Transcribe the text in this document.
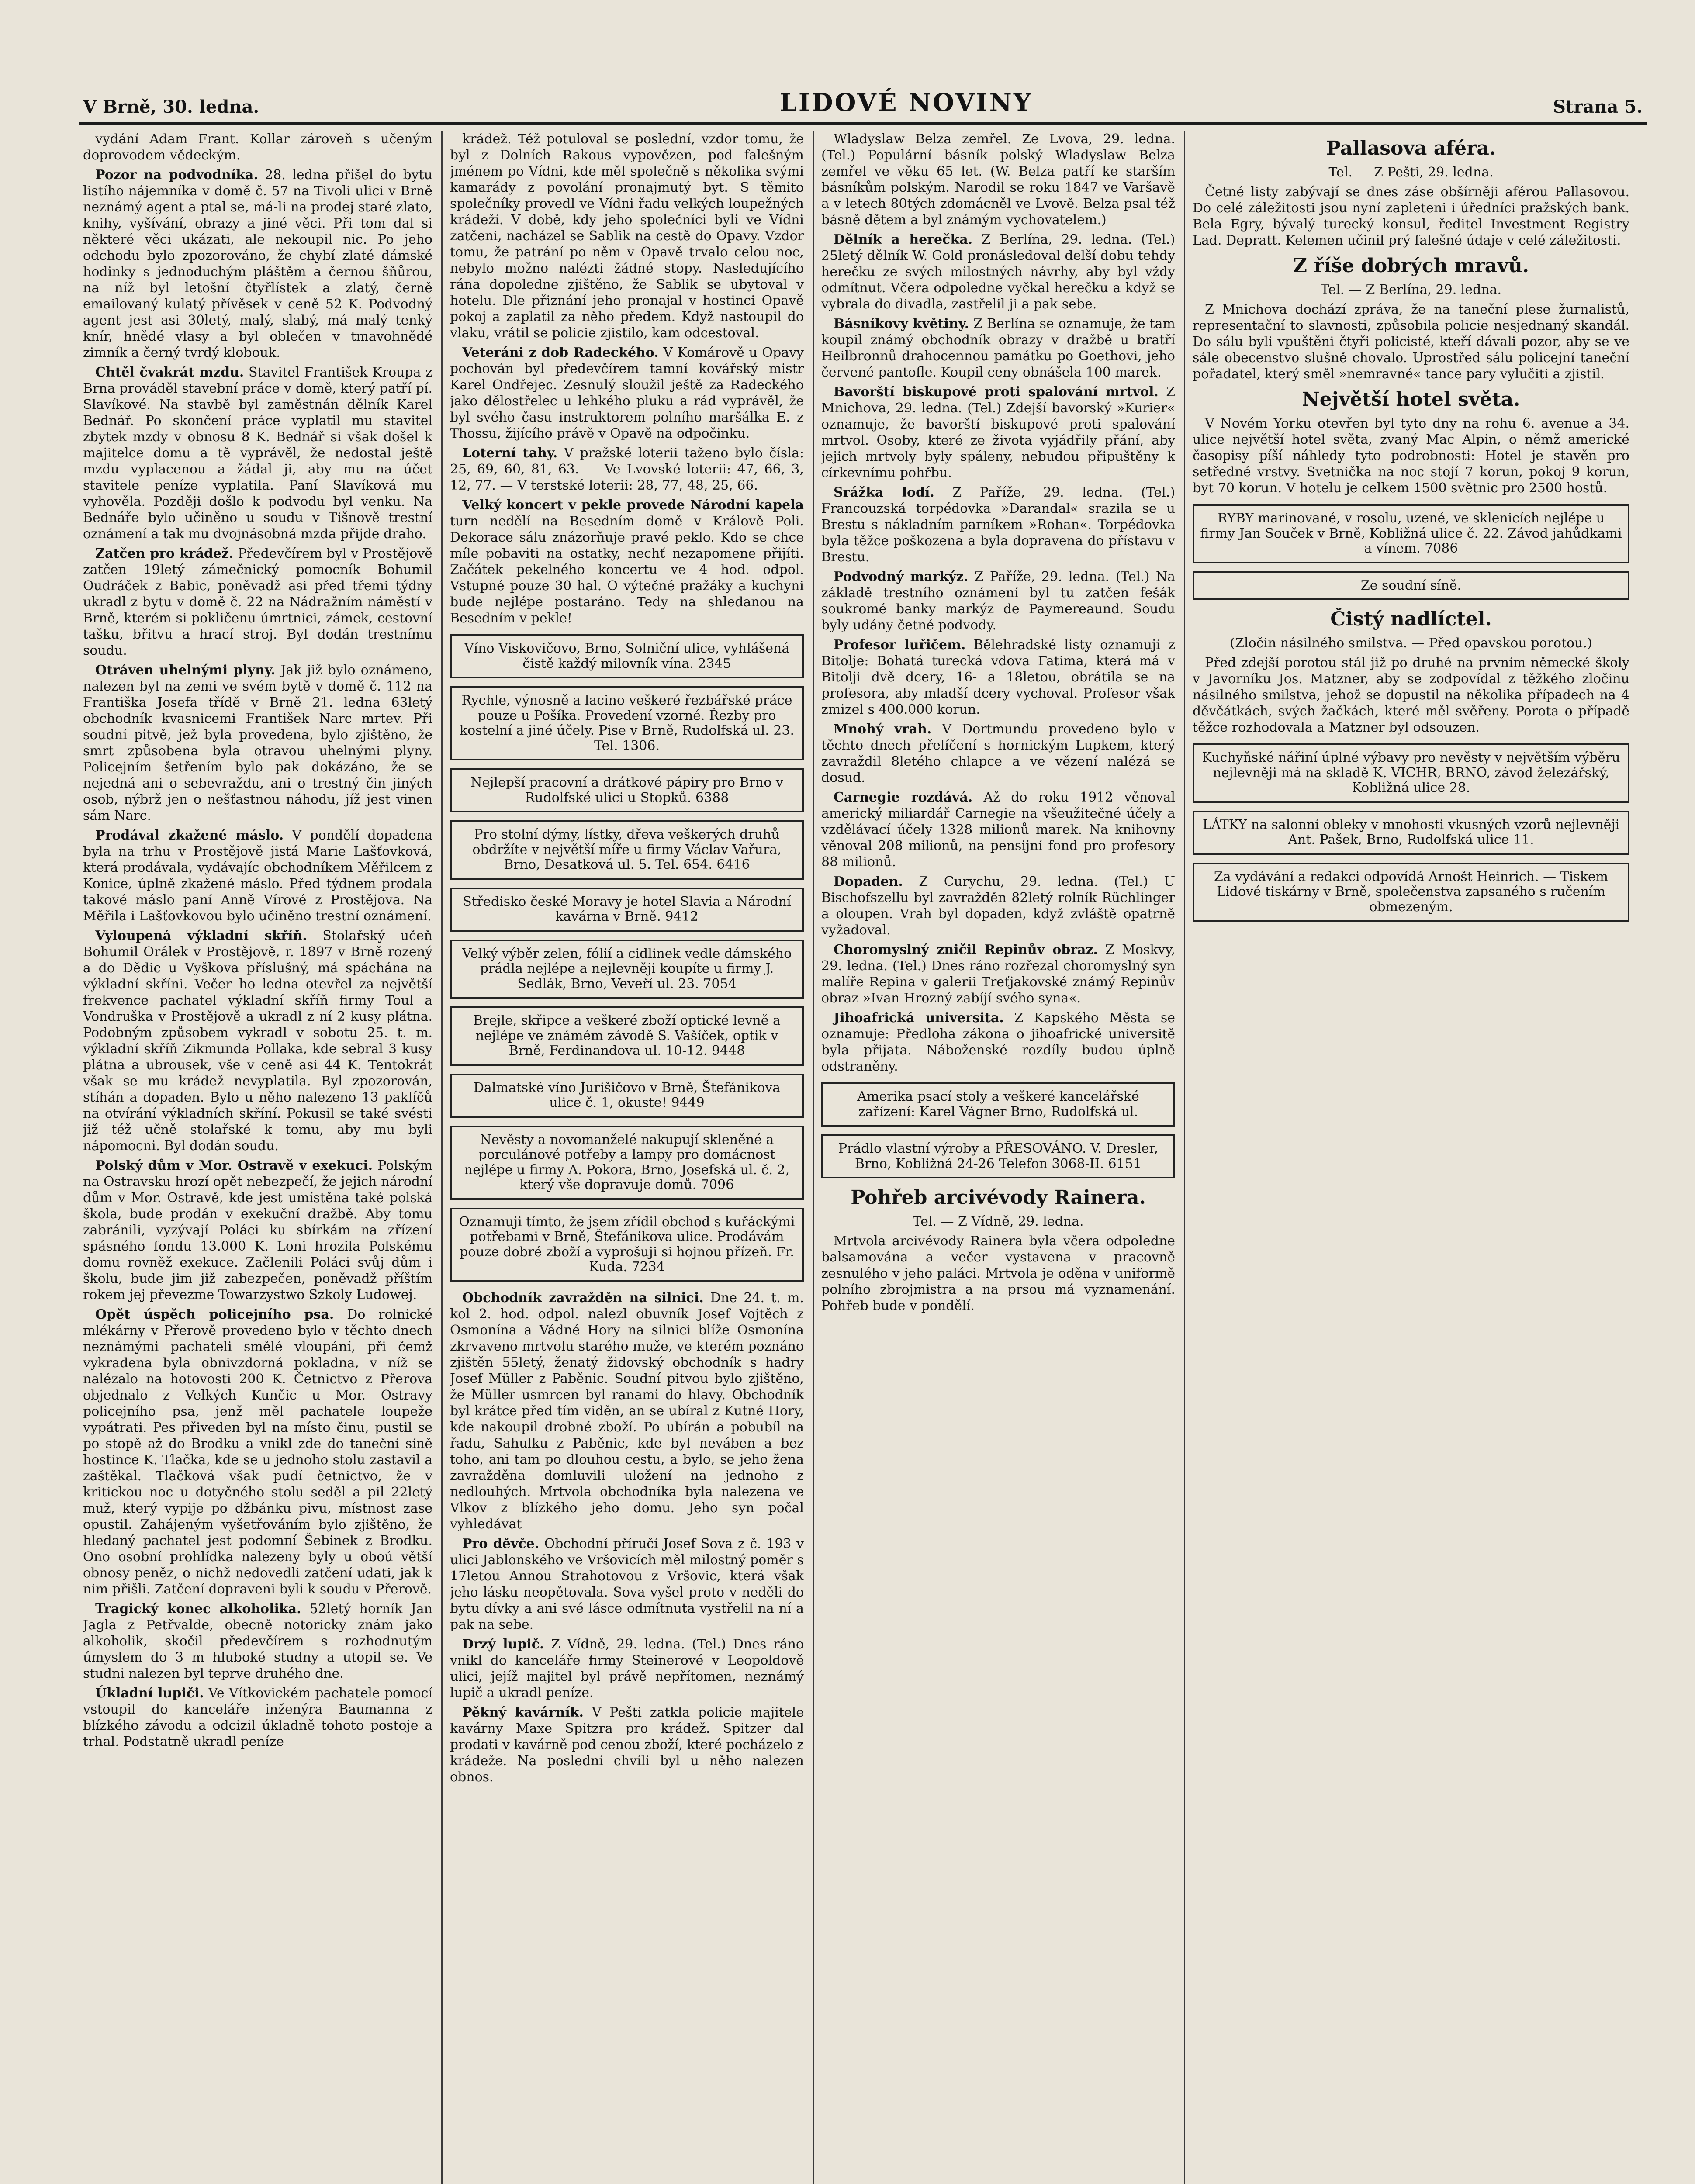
V Brně, 30. ledna.	LIDOVÉ NOVINY	Strana 5.

vydání Adam Frant. Kollar zároveň s učeným doprovodem vědeckým.

Pozor na podvodníka. 28. ledna přišel do bytu listího nájemníka v domě č. 57 na Tivoli ulici v Brně neznámý agent a ptal se, má-li na prodej staré zlato, knihy, vyšívání, obrazy a jiné věci. Při tom dal si některé věci ukázati, ale nekoupil nic. Po jeho odchodu bylo zpozorováno, že chybí zlaté dámské hodinky s jednoduchým pláštěm a černou šňůrou, na níž byl letošní čtyřlístek a zlatý, černě emailovaný kulatý přívěsek v ceně 52 K. Podvodný agent jest asi 30letý, malý, slabý, má malý tenký knír, hnědé vlasy a byl oblečen v tmavohnědé zimník a černý tvrdý klobouk.

Chtěl čvakrát mzdu. Stavitel František Kroupa z Brna prováděl stavební práce v domě, který patří pí. Slavíkové. Na stavbě byl zaměstnán dělník Karel Bednář. Po skončení práce vyplatil mu stavitel zbytek mzdy v obnosu 8 K. Bednář si však došel k majitelce domu a tě vyprávěl, že nedostal ještě mzdu vyplacenou a žádal ji, aby mu na účet stavitele peníze vyplatila. Paní Slavíková mu vyhověla. Později došlo k podvodu byl venku. Na Bednáře bylo učiněno u soudu v Tišnově trestní oznámení a tak mu dvojnásobná mzda přijde draho.

Zatčen pro krádež. Předevčírem byl v Prostějově zatčen 19letý zámečnický pomocník Bohumil Oudráček z Babic, poněvadž asi před třemi týdny ukradl z bytu v domě č. 22 na Nádražním náměstí v Brně, kterém si pokličenu úmrtnici, zámek, cestovní tašku, břitvu a hrací stroj. Byl dodán trestnímu soudu.

Otráven uhelnými plyny. Jak již bylo oznámeno, nalezen byl na zemi ve svém bytě v domě č. 112 na Františka Josefa třídě v Brně 21. ledna 63letý obchodník kvasnicemi František Narc mrtev. Při soudní pitvě, jež byla provedena, bylo zjištěno, že smrt způsobena byla otravou uhelnými plyny. Policejním šetřením bylo pak dokázáno, že se nejedná ani o sebevraždu, ani o trestný čin jiných osob, nýbrž jen o nešťastnou náhodu, jíž jest vinen sám Narc.

Prodával zkažené máslo. V pondělí dopadena byla na trhu v Prostějově jistá Marie Lašťovková, která prodávala, vydávajíc obchodníkem Měřilcem z Konice, úplně zkažené máslo. Před týdnem prodala takové máslo paní Anně Vírové z Prostějova. Na Měřila i Lašťovkovou bylo učiněno trestní oznámení.

Vyloupená výkladní skříň. Stolařský učeň Bohumil Orálek v Prostějově, r. 1897 v Brně rozený a do Dědic u Vyškova příslušný, má spáchána na výkladní skříni. Večer ho ledna otevřel za největší frekvence pachatel výkladní skříň firmy Toul a Vondruška v Prostějově a ukradl z ní 2 kusy plátna. Podobným způsobem vykradl v sobotu 25. t. m. výkladní skříň Zikmunda Pollaka, kde sebral 3 kusy plátna a ubrousek, vše v ceně asi 44 K. Tentokrát však se mu krádež nevyplatila. Byl zpozorován, stíhán a dopaden. Bylo u něho nalezeno 13 paklíčů na otvírání výkladních skříní. Pokusil se také svésti již též učně stolařské k tomu, aby mu byli nápomocni. Byl dodán soudu.

Polský dům v Mor. Ostravě v exekuci. Polským na Ostravsku hrozí opět nebezpečí, že jejich národní dům v Mor. Ostravě, kde jest umístěna také polská škola, bude prodán v exekuční dražbě. Aby tomu zabránili, vyzývají Poláci ku sbírkám na zřízení spásného fondu 13.000 K. Loni hrozila Polskému domu rovněž exekuce. Začlenili Poláci svůj dům i školu, bude jim již zabezpečen, poněvadž příštím rokem jej převezme Towarzystwo Szkoly Ludowej.

Opět úspěch policejního psa. Do rolnické mlékárny v Přerově provedeno bylo v těchto dnech neznámými pachateli smělé vloupání, při čemž vykradena byla obnivzdorná pokladna, v níž se nalézalo na hotovosti 200 K. Četnictvo z Přerova objednalo z Velkých Kunčic u Mor. Ostravy policejního psa, jenž měl pachatele loupeže vypátrati. Pes přiveden byl na místo činu, pustil se po stopě až do Brodku a vnikl zde do taneční síně hostince K. Tlačka, kde se u jednoho stolu zastavil a zaštěkal. Tlačková však pudí četnictvo, že v kritickou noc u dotyčného stolu seděl a pil 22letý muž, který vypije po džbánku pivu, místnost zase opustil. Zahájeným vyšetřováním bylo zjištěno, že hledaný pachatel jest podomní Šebinek z Brodku. Ono osobní prohlídka nalezeny byly u oboú větší obnosy peněz, o nichž nedovedli zatčení udati, jak k nim přišli. Zatčení dopraveni byli k soudu v Přerově.

Tragický konec alkoholika. 52letý horník Jan Jagla z Petřvalde, obecně notoricky znám jako alkoholik, skočil předevčírem s rozhodnutým úmyslem do 3 m hluboké studny a utopil se. Ve studni nalezen byl teprve druhého dne.

Úkladní lupiči. Ve Vítkovickém pachatele pomocí vstoupil do kanceláře inženýra Baumanna z blízkého závodu a odcizil úkladně tohoto postoje a trhal. Podstatně ukradl peníze

krádež. Též potuloval se poslední, vzdor tomu, že byl z Dolních Rakous vypovězen, pod falešným jménem po Vídni, kde měl společně s několika svými kamarády z povolání pronajmutý byt. S těmito společníky provedl ve Vídni řadu velkých loupežných krádeží. V době, kdy jeho společníci byli ve Vídni zatčeni, nacházel se Sablik na cestě do Opavy. Vzdor tomu, že patrání po něm v Opavě trvalo celou noc, nebylo možno nalézti žádné stopy. Nasledujícího rána dopoledne zjištěno, že Sablik se ubytoval v hotelu. Dle přiznání jeho pronajal v hostinci Opavě pokoj a zaplatil za něho předem. Když nastoupil do vlaku, vrátil se policie zjistilo, kam odcestoval.

Veteráni z dob Radeckého. V Komárově u Opavy pochován byl předevčírem tamní kovářský mistr Karel Ondřejec. Zesnulý sloužil ještě za Radeckého jako dělostřelec u lehkého pluku a rád vyprávěl, že byl svého času instruktorem polního maršálka E. z Thossu, žijícího právě v Opavě na odpočinku.

Loterní tahy. V pražské loterii taženo bylo čísla: 25, 69, 60, 81, 63. — Ve Lvovské loterii: 47, 66, 3, 12, 77. — V terstské loterii: 28, 77, 48, 25, 66.

Velký koncert v pekle provede Národní kapela turn nedělí na Besedním domě v Králově Poli. Dekorace sálu znázorňuje pravé peklo. Kdo se chce míle pobaviti na ostatky, nechť nezapomene přijíti. Začátek pekelného koncertu ve 4 hod. odpol. Vstupné pouze 30 hal. O výtečné pražáky a kuchyni bude nejlépe postaráno. Tedy na shledanou na Besedním v pekle!

Víno Viskovičovo, Brno, Solniční ulice, vyhlášená čistě každý milovník vína. 2345
Rychle, výnosně a lacino veškeré řezbářské práce pouze u Pošíka. Provedení vzorné. Řezby pro kostelní a jiné účely. Pise v Brně, Rudolfská ul. 23. Tel. 1306.
Nejlepší pracovní a drátkové pápiry pro Brno v Rudolfské ulici u Stopků. 6388
Pro stolní dýmy, lístky, dřeva veškerých druhů obdržíte v největší míře u firmy Václav Vařura, Brno, Desatková ul. 5. Tel. 654. 6416
Středisko české Moravy je hotel Slavia a Národní kavárna v Brně. 9412
Velký výběr zelen, fólií a cidlinek vedle dámského prádla nejlépe a nejlevněji koupíte u firmy J. Sedlák, Brno, Veveří ul. 23. 7054
Brejle, skřipce a veškeré zboží optické levně a nejlépe ve známém závodě S. Vašíček, optik v Brně, Ferdinandova ul. 10-12. 9448
Dalmatské víno Jurišičovo v Brně, Štefánikova ulice č. 1, okuste! 9449
Nevěsty a novomanželé nakupují skleněné a porculánové potřeby a lampy pro domácnost nejlépe u firmy A. Pokora, Brno, Josefská ul. č. 2, který vše dopravuje domů. 7096
Oznamuji tímto, že jsem zřídil obchod s kuřáckými potřebami v Brně, Štefánikova ulice. Prodávám pouze dobré zboží a vyprošuji si hojnou přízeň. Fr. Kuda. 7234

Obchodník zavražděn na silnici. Dne 24. t. m. kol 2. hod. odpol. nalezl obuvník Josef Vojtěch z Osmonína a Vádné Hory na silnici blíže Osmonína zkrvaveno mrtvolu starého muže, ve kterém poznáno zjištěn 55letý, ženatý židovský obchodník s hadry Josef Müller z Paběnic. Soudní pitvou bylo zjištěno, že Müller usmrcen byl ranami do hlavy. Obchodník byl krátce před tím viděn, an se ubíral z Kutné Hory, kde nakoupil drobné zboží. Po ubírán a pobubíl na řadu, Sahulku z Paběnic, kde byl neváben a bez toho, ani tam po dlouhou cestu, a bylo, se jeho žena zavražděna domluvili uložení na jednoho z nedlouhých. Mrtvola obchodníka byla nalezena ve Vlkov z blízkého jeho domu. Jeho syn počal vyhledávat

Pro děvče. Obchodní příručí Josef Sova z č. 193 v ulici Jablonského ve Vršovicích měl milostný poměr s 17letou Annou Strahotovou z Vršovic, která však jeho lásku neopětovala. Sova vyšel proto v neděli do bytu dívky a ani své lásce odmítnuta vystřelil na ní a pak na sebe.

Drzý lupič. Z Vídně, 29. ledna. (Tel.) Dnes ráno vnikl do kanceláře firmy Steinerové v Leopoldově ulici, jejíž majitel byl právě nepřítomen, neznámý lupič a ukradl peníze.

Pěkný kavárník. V Pešti zatkla policie majitele kavárny Maxe Spitzra pro krádež. Spitzer dal prodati v kavárně pod cenou zboží, které pocházelo z krádeže. Na poslední chvíli byl u něho nalezen obnos.

Wladyslaw Belza zemřel. Ze Lvova, 29. ledna. (Tel.) Populární básník polský Wladyslaw Belza zemřel ve věku 65 let. (W. Belza patří ke starším básníkům polským. Narodil se roku 1847 ve Varšavě a v letech 80tých zdomácněl ve Lvově. Belza psal též básně dětem a byl známým vychovatelem.)

Dělník a herečka. Z Berlína, 29. ledna. (Tel.) 25letý dělník W. Gold pronásledoval delší dobu tehdy herečku ze svých milostných návrhy, aby byl vždy odmítnut. Včera odpoledne vyčkal herečku a když se vybrala do divadla, zastřelil ji a pak sebe.

Básníkovy květiny. Z Berlína se oznamuje, že tam koupil známý obchodník obrazy v dražbě u bratří Heilbronnů drahocennou památku po Goethovi, jeho červené pantofle. Koupil ceny obnášela 100 marek.

Bavorští biskupové proti spalování mrtvol. Z Mnichova, 29. ledna. (Tel.) Zdejší bavorský »Kurier« oznamuje, že bavorští biskupové proti spalování mrtvol. Osoby, které ze života vyjádřily přání, aby jejich mrtvoly byly spáleny, nebudou připuštěny k církevnímu pohřbu.

Srážka lodí. Z Paříže, 29. ledna. (Tel.) Francouzská torpédovka »Darandal« srazila se u Brestu s nákladním parníkem »Rohan«. Torpédovka byla těžce poškozena a byla dopravena do přístavu v Brestu.

Podvodný markýz. Z Paříže, 29. ledna. (Tel.) Na základě trestního oznámení byl tu zatčen fešák soukromé banky markýz de Paymereaund. Soudu byly udány četné podvody.

Profesor luřičem. Bělehradské listy oznamují z Bitolje: Bohatá turecká vdova Fatima, která má v Bitolji dvě dcery, 16- a 18letou, obrátila se na profesora, aby mladší dcery vychoval. Profesor však zmizel s 400.000 korun.

Mnohý vrah. V Dortmundu provedeno bylo v těchto dnech přelíčení s hornickým Lupkem, který zavraždil 8letého chlapce a ve vězení nalézá se dosud.

Carnegie rozdává. Až do roku 1912 věnoval americký miliardář Carnegie na všeužitečné účely a vzdělávací účely 1328 milionů marek. Na knihovny věnoval 208 milionů, na pensijní fond pro profesory 88 milionů.

Dopaden. Z Curychu, 29. ledna. (Tel.) U Bischofszellu byl zavražděn 82letý rolník Rüchlinger a oloupen. Vrah byl dopaden, když zvláště opatrně vyžadoval.

Choromyslný zničil Repinův obraz. Z Moskvy, 29. ledna. (Tel.) Dnes ráno rozřezal choromyslný syn malíře Repina v galerii Treťjakovské známý Repinův obraz »Ivan Hrozný zabíjí svého syna«.

Jihoafrická universita. Z Kapského Města se oznamuje: Předloha zákona o jihoafrické universitě byla přijata. Náboženské rozdíly budou úplně odstraněny.

Amerika psací stoly a veškeré kancelářské zařízení: Karel Vágner Brno, Rudolfská ul.
Prádlo vlastní výroby a PŘESOVÁNO. V. Dresler, Brno, Kobližná 24-26 Telefon 3068-II. 6151
Pohřeb arcivévody Rainera.
Tel. — Z Vídně, 29. ledna.

Mrtvola arcivévody Rainera byla včera odpoledne balsamována a večer vystavena v pracovně zesnulého v jeho paláci. Mrtvola je oděna v uniformě polního zbrojmistra a na prsou má vyznamenání. Pohřeb bude v pondělí.

Pallasova aféra.
Tel. — Z Pešti, 29. ledna.

Četné listy zabývají se dnes záse obšírněji aférou Pallasovou. Do celé záležitosti jsou nyní zapleteni i úředníci pražských bank. Bela Egry, bývalý turecký konsul, ředitel Investment Registry Lad. Depratt. Kelemen učinil prý falešné údaje v celé záležitosti.

Z říše dobrých mravů.
Tel. — Z Berlína, 29. ledna.

Z Mnichova dochází zpráva, že na taneční plese žurnalistů, representační to slavnosti, způsobila policie nesjednaný skandál. Do sálu byli vpuštěni čtyři policisté, kteří dávali pozor, aby se ve sále obecenstvo slušně chovalo. Uprostřed sálu policejní taneční pořadatel, který směl »nemravné« tance pary vylučiti a zjistil.

Největší hotel světa.

V Novém Yorku otevřen byl tyto dny na rohu 6. avenue a 34. ulice největší hotel světa, zvaný Mac Alpin, o němž americké časopisy píší náhledy tyto podrobnosti: Hotel je stavěn pro setředné vrstvy. Svetnička na noc stojí 7 korun, pokoj 9 korun, byt 70 korun. V hotelu je celkem 1500 světnic pro 2500 hostů.

RYBY marinované, v rosolu, uzené, ve sklenicích nejlépe u firmy Jan Souček v Brně, Kobližná ulice č. 22. Závod jahůdkami a vínem. 7086
Ze soudní síně.
Čistý nadlíctel.
(Zločin násilného smilstva. — Před opavskou porotou.)

Před zdejší porotou stál již po druhé na prvním německé školy v Javorníku Jos. Matzner, aby se zodpovídal z těžkého zločinu násilného smilstva, jehož se dopustil na několika případech na 4 děvčátkách, svých žačkách, které měl svěřeny. Porota o případě těžce rozhodovala a Matzner byl odsouzen.

Kuchyňské nářiní úplné výbavy pro nevěsty v největším výběru nejlevněji má na skladě K. VICHR, BRNO, závod železářský, Kobližná ulice 28.
LÁTKY na salonní obleky v mnohosti vkusných vzorů nejlevněji Ant. Pašek, Brno, Rudolfská ulice 11.
Za vydávání a redakci odpovídá Arnošt Heinrich. — Tiskem Lidové tiskárny v Brně, společenstva zapsaného s ručením obmezeným.
